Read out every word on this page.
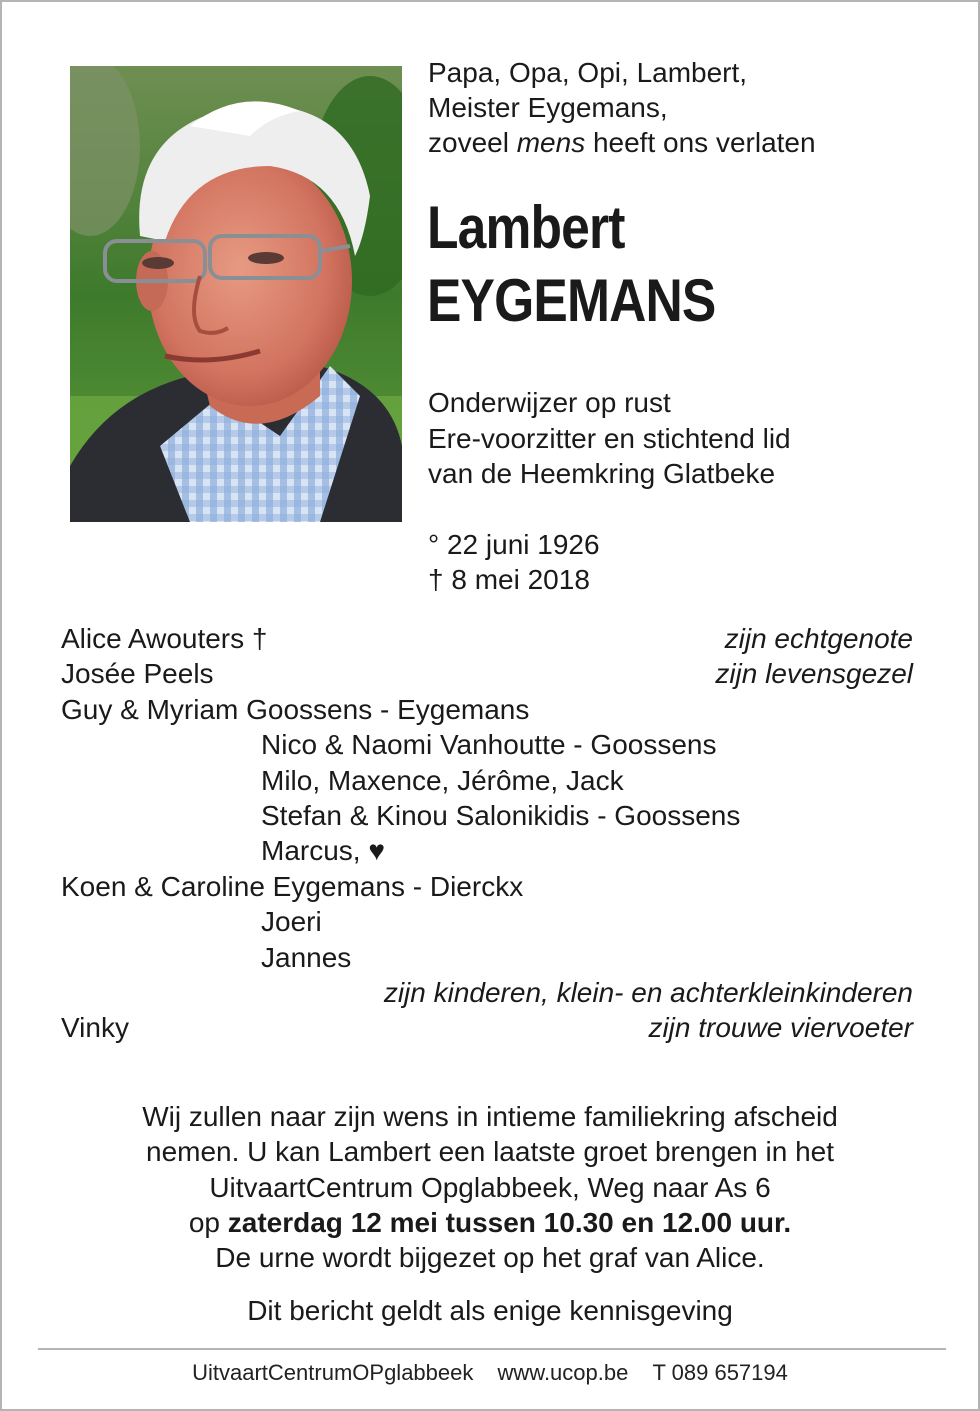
Papa, Opa, Opi, Lambert,
Meister Eygemans,
zoveel mens heeft ons verlaten
Lambert
EYGEMANS
Onderwijzer op rust
Ere-voorzitter en stichtend lid
van de Heemkring Glatbeke
° 22 juni 1926
† 8 mei 2018
Alice Awouters †	zijn echtgenote
Josée Peels	zijn levensgezel
Guy & Myriam Goossens - Eygemans
Nico & Naomi Vanhoutte - Goossens
Milo, Maxence, Jérôme, Jack
Stefan & Kinou Salonikidis - Goossens
Marcus, ♥
Koen & Caroline Eygemans - Dierckx
Joeri
Jannes
zijn kinderen, klein- en achterkleinkinderen
Vinky	zijn trouwe viervoeter
Wij zullen naar zijn wens in intieme familiekring afscheid
nemen. U kan Lambert een laatste groet brengen in het
UitvaartCentrum Opglabbeek, Weg naar As 6
op zaterdag 12 mei tussen 10.30 en 12.00 uur.
De urne wordt bijgezet op het graf van Alice.
Dit bericht geldt als enige kennisgeving
UitvaartCentrumOPglabbeek www.ucop.be T 089 657194
